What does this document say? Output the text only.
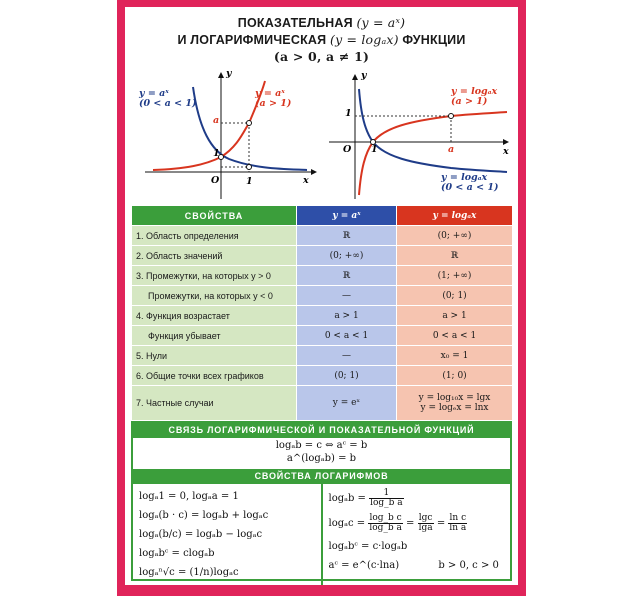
ПОКАЗАТЕЛЬНАЯ (y = aˣ)
И ЛОГАРИФМИЧЕСКАЯ (y = logₐx) ФУНКЦИИ
(a > 0, a ≠ 1)
y = aˣ
(0 < a < 1)
y = aˣ
(a > 1)
x
y
O	1
1
a
y = logₐx
(a > 1)
y = logₐx
(0 < a < 1)
x
y
O 1
1
a
СВОЙСТВА	y = aˣ	y = logₐx
1. Область определения	ℝ	(0; +∞)
2. Область значений	(0; +∞)	ℝ
3. Промежутки, на которых y > 0	ℝ	(1; +∞)
Промежутки, на которых y < 0	—	(0; 1)
4. Функция возрастает	a > 1	a > 1
Функция убывает	0 < a < 1	0 < a < 1
5. Нули	—	x₀ = 1
6. Общие точки всех графиков	(0; 1)	(1; 0)
7. Частные случаи	y = eˣ	y = log₁₀x = lgx
y = logₑx = lnx
СВЯЗЬ ЛОГАРИФМИЧЕСКОЙ И ПОКАЗАТЕЛЬНОЙ ФУНКЦИЙ
logₐb = c ⇔ aᶜ = b
a^(logₐb) = b
СВОЙСТВА ЛОГАРИФМОВ
logₐ1 = 0, logₐa = 1
logₐ(b · c) = logₐb + logₐc
logₐ(b/c) = logₐb − logₐc
logₐbᶜ = clogₐb
logₐⁿ√c = (1/n)logₐc
$\log_ab = \frac{1}{\text{log\_b a}}$
$\log_ac = \frac{\text{log\_b c}}{\text{log\_b a}} = \frac{\lg c}{\lg a} = \frac{\text{ln c}}{\text{ln a}}$
logₐbᶜ = c·logₐb
aᶜ = e^(c·lna)	b > 0, c > 0
